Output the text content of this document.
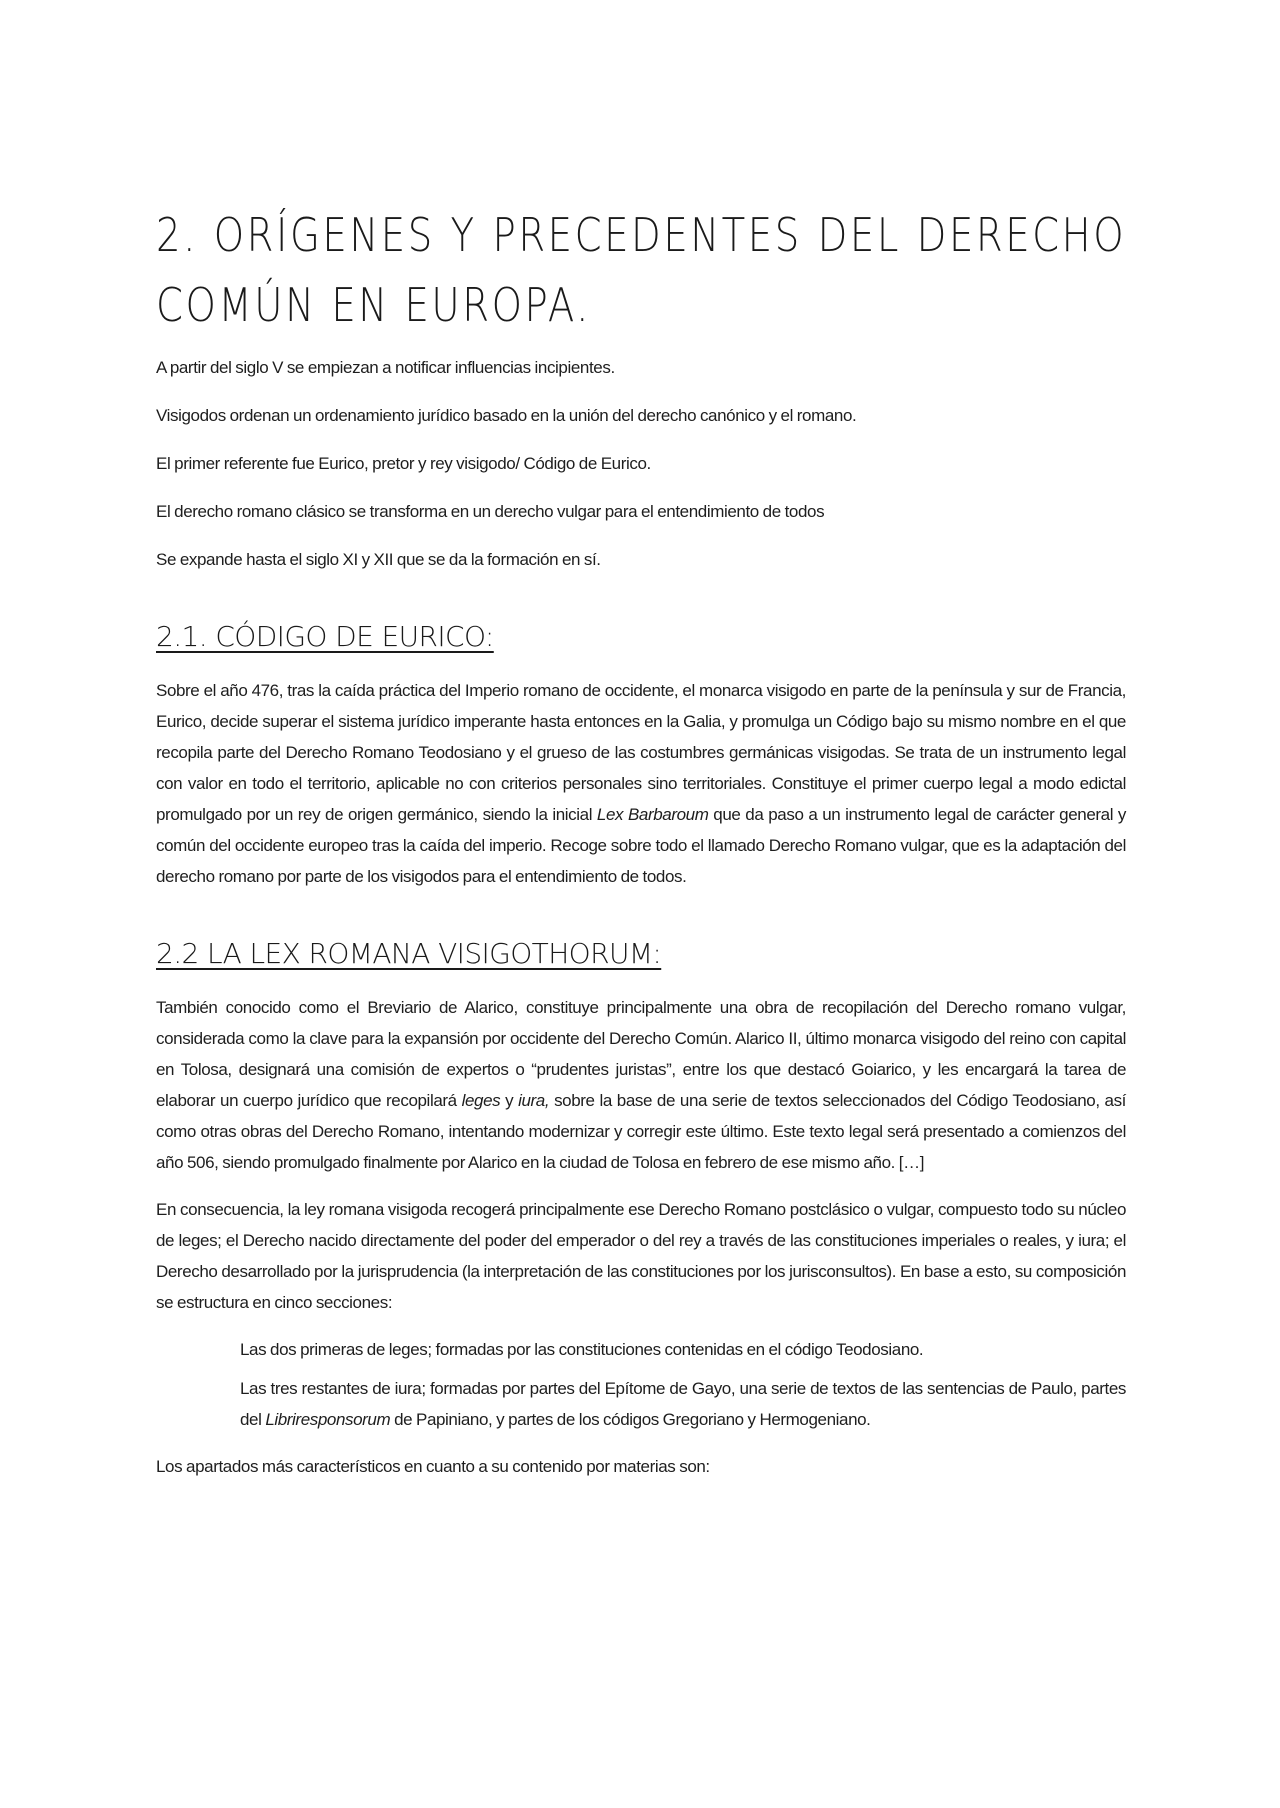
2. ORÍGENES Y PRECEDENTES DEL DERECHO COMÚN EN EUROPA.

A partir del siglo V se empiezan a notificar influencias incipientes.

Visigodos ordenan un ordenamiento jurídico basado en la unión del derecho canónico y el romano.

El primer referente fue Eurico, pretor y rey visigodo/ Código de Eurico.

El derecho romano clásico se transforma en un derecho vulgar para el entendimiento de todos

Se expande hasta el siglo XI y XII que se da la formación en sí.

2.1. CÓDIGO DE EURICO:

Sobre el año 476, tras la caída práctica del Imperio romano de occidente, el monarca visigodo en parte de la península y sur de Francia, Eurico, decide superar el sistema jurídico imperante hasta entonces en la Galia, y promulga un Código bajo su mismo nombre en el que recopila parte del Derecho Romano Teodosiano y el grueso de las costumbres germánicas visigodas. Se trata de un instrumento legal con valor en todo el territorio, aplicable no con criterios personales sino territoriales. Constituye el primer cuerpo legal a modo edictal promulgado por un rey de origen germánico, siendo la inicial Lex Barbaroum que da paso a un instrumento legal de carácter general y común del occidente europeo tras la caída del imperio. Recoge sobre todo el llamado Derecho Romano vulgar, que es la adaptación del derecho romano por parte de los visigodos para el entendimiento de todos.

2.2 LA LEX ROMANA VISIGOTHORUM:

También conocido como el Breviario de Alarico, constituye principalmente una obra de recopilación del Derecho romano vulgar, considerada como la clave para la expansión por occidente del Derecho Común. Alarico II, último monarca visigodo del reino con capital en Tolosa, designará una comisión de expertos o “prudentes juristas”, entre los que destacó Goiarico, y les encargará la tarea de elaborar un cuerpo jurídico que recopilará leges y iura, sobre la base de una serie de textos seleccionados del Código Teodosiano, así como otras obras del Derecho Romano, intentando modernizar y corregir este último. Este texto legal será presentado a comienzos del año 506, siendo promulgado finalmente por Alarico en la ciudad de Tolosa en febrero de ese mismo año. […]

En consecuencia, la ley romana visigoda recogerá principalmente ese Derecho Romano postclásico o vulgar, compuesto todo su núcleo de leges; el Derecho nacido directamente del poder del emperador o del rey a través de las constituciones imperiales o reales, y iura; el Derecho desarrollado por la jurisprudencia (la interpretación de las constituciones por los jurisconsultos). En base a esto, su composición se estructura en cinco secciones:

Las dos primeras de leges; formadas por las constituciones contenidas en el código Teodosiano.

Las tres restantes de iura; formadas por partes del Epítome de Gayo, una serie de textos de las sentencias de Paulo, partes del Libriresponsorum de Papiniano, y partes de los códigos Gregoriano y Hermogeniano.

Los apartados más característicos en cuanto a su contenido por materias son:
